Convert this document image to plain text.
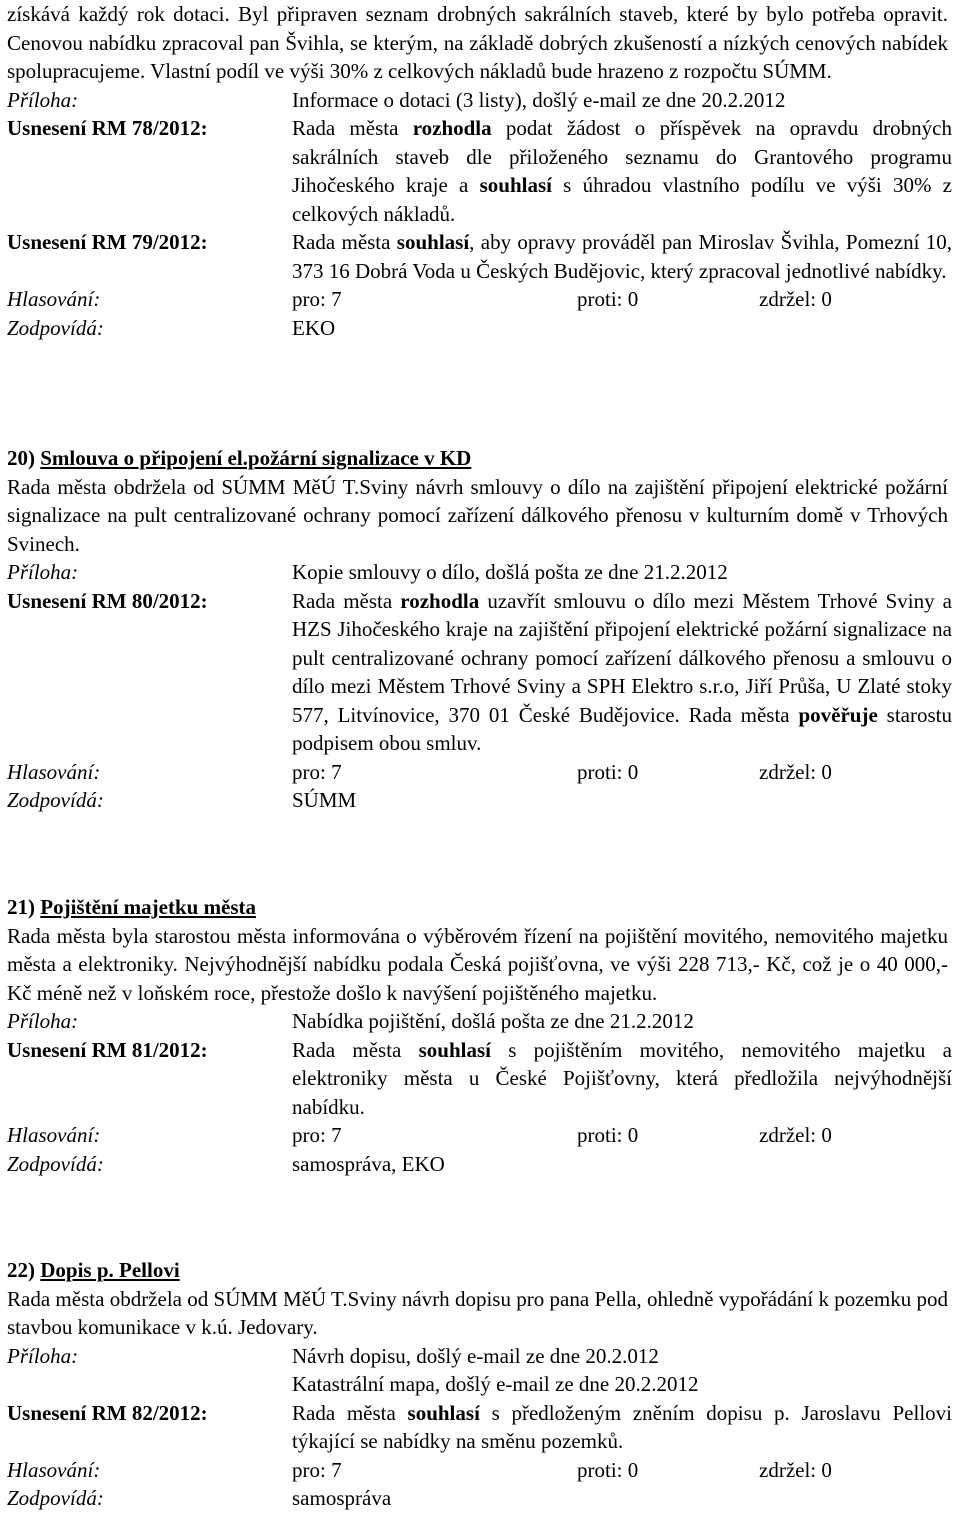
získává každý rok dotaci. Byl připraven seznam drobných sakrálních staveb, které by bylo potřeba opravit. Cenovou nabídku zpracoval pan Švihla, se kterým, na základě dobrých zkušeností a nízkých cenových nabídek spolupracujeme. Vlastní podíl ve výši 30% z celkových nákladů bude hrazeno z rozpočtu SÚMM.

Příloha:	Informace o dotaci (3 listy), došlý e-mail ze dne 20.2.2012
Usnesení RM 78/2012:	Rada města rozhodla podat žádost o příspěvek na opravdu drobných sakrálních staveb dle přiloženého seznamu do Grantového programu Jihočeského kraje a souhlasí s úhradou vlastního podílu ve výši 30% z celkových nákladů.
Usnesení RM 79/2012:	Rada města souhlasí, aby opravy prováděl pan Miroslav Švihla, Pomezní 10, 373 16 Dobrá Voda u Českých Budějovic, který zpracoval jednotlivé nabídky.
Hlasování:	pro: 7	proti: 0	zdržel: 0
Zodpovídá:	EKO

20) Smlouva o připojení el.požární signalizace v KD

Rada města obdržela od SÚMM MěÚ T.Sviny návrh smlouvy o dílo na zajištění připojení elektrické požární signalizace na pult centralizované ochrany pomocí zařízení dálkového přenosu v kulturním domě v Trhových Svinech.

Příloha:	Kopie smlouvy o dílo, došlá pošta ze dne 21.2.2012
Usnesení RM 80/2012:	Rada města rozhodla uzavřít smlouvu o dílo mezi Městem Trhové Sviny a HZS Jihočeského kraje na zajištění připojení elektrické požární signalizace na pult centralizované ochrany pomocí zařízení dálkového přenosu a smlouvu o dílo mezi Městem Trhové Sviny a SPH Elektro s.r.o, Jiří Průša, U Zlaté stoky 577, Litvínovice, 370 01 České Budějovice. Rada města pověřuje starostu podpisem obou smluv.
Hlasování:	pro: 7	proti: 0	zdržel: 0
Zodpovídá:	SÚMM

21) Pojištění majetku města

Rada města byla starostou města informována o výběrovém řízení na pojištění movitého, nemovitého majetku města a elektroniky. Nejvýhodnější nabídku podala Česká pojišťovna, ve výši 228 713,- Kč, což je o 40 000,- Kč méně než v loňském roce, přestože došlo k navýšení pojištěného majetku.

Příloha:	Nabídka pojištění, došlá pošta ze dne 21.2.2012
Usnesení RM 81/2012:	Rada města souhlasí s pojištěním movitého, nemovitého majetku a elektroniky města u České Pojišťovny, která předložila nejvýhodnější nabídku.
Hlasování:	pro: 7	proti: 0	zdržel: 0
Zodpovídá:	samospráva, EKO

22) Dopis p. Pellovi

Rada města obdržela od SÚMM MěÚ T.Sviny návrh dopisu pro pana Pella, ohledně vypořádání k pozemku pod stavbou komunikace v k.ú. Jedovary.

Příloha:	Návrh dopisu, došlý e-mail ze dne 20.2.012
Katastrální mapa, došlý e-mail ze dne 20.2.2012
Usnesení RM 82/2012:	Rada města souhlasí s předloženým zněním dopisu p. Jaroslavu Pellovi týkající se nabídky na směnu pozemků.
Hlasování:	pro: 7	proti: 0	zdržel: 0
Zodpovídá:	samospráva
